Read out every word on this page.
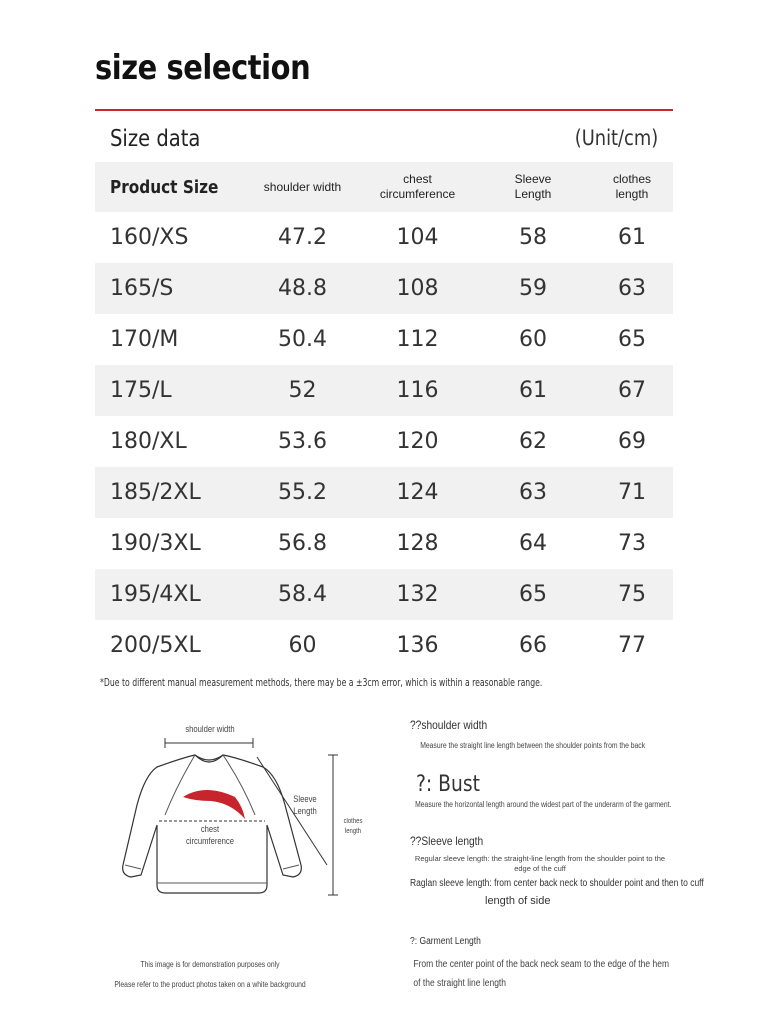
size selection
Size data	(Unit/cm)
Product Size	shoulder width	chest circumference	Sleeve Length	clothes length
160/XS	47.2	104	58	61
165/S	48.8	108	59	63
170/M	50.4	112	60	65
175/L	52	116	61	67
180/XL	53.6	120	62	69
185/2XL	55.2	124	63	71
190/3XL	56.8	128	64	73
195/4XL	58.4	132	65	75
200/5XL	60	136	66	77
*Due to different manual measurement methods, there may be a ±3cm error, which is within a reasonable range.
shoulder width
chest circumference
Sleeve Length
clothes length
This image is for demonstration purposes only
Please refer to the product photos taken on a white background
??shoulder width
Measure the straight line length between the shoulder points from the back
?: Bust
Measure the horizontal length around the widest part of the underarm of the garment.
??Sleeve length
Regular sleeve length: the straight-line length from the shoulder point to the edge of the cuff
Raglan sleeve length: from center back neck to shoulder point and then to cuff
length of side
?: Garment Length
From the center point of the back neck seam to the edge of the hem
of the straight line length
